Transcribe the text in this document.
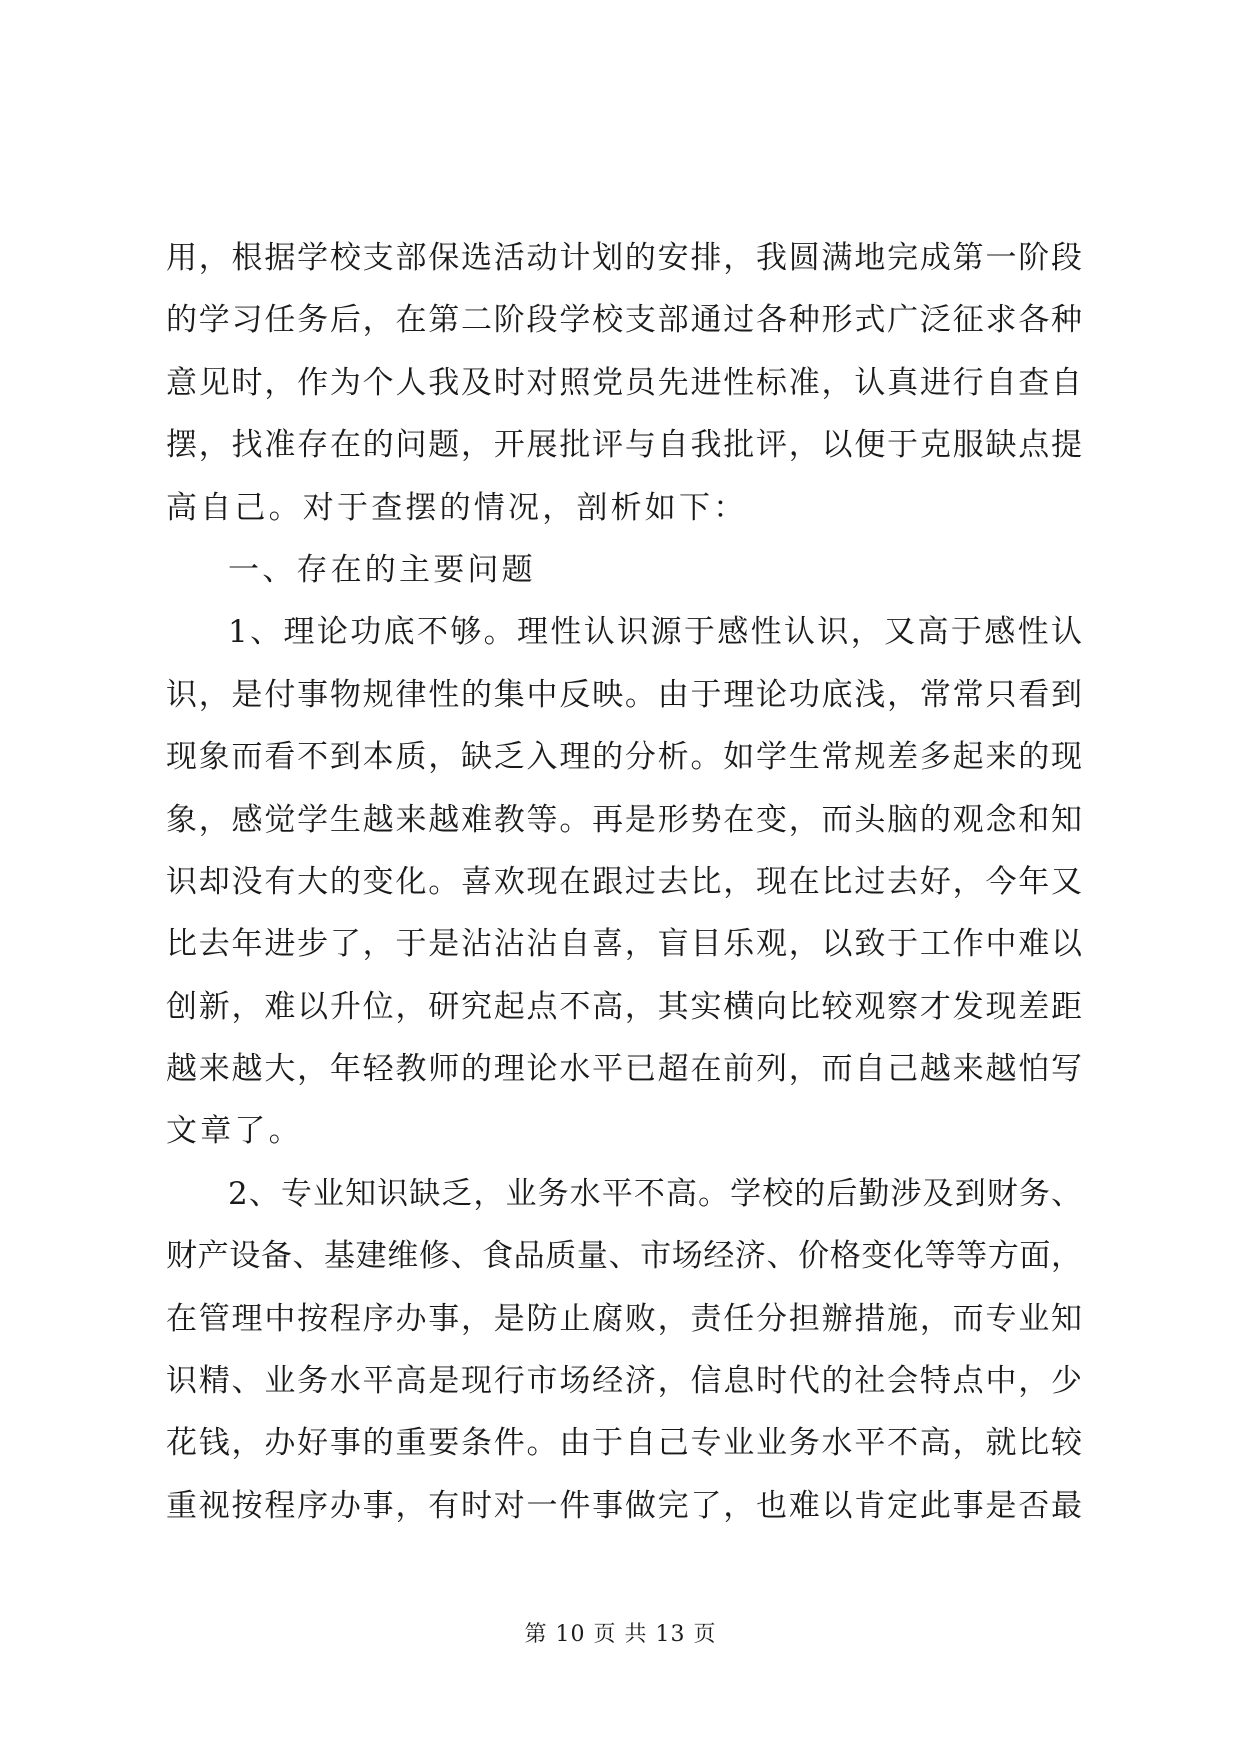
用，根据学校支部保选活动计划的安排，我圆满地完成第一阶段
的学习任务后，在第二阶段学校支部通过各种形式广泛征求各种
意见时，作为个人我及时对照党员先进性标准，认真进行自查自
摆，找准存在的问题，开展批评与自我批评，以便于克服缺点提
高自己。对于查摆的情况，剖析如下：
一、存在的主要问题
1、理论功底不够。理性认识源于感性认识，又高于感性认
识，是付事物规律性的集中反映。由于理论功底浅，常常只看到
现象而看不到本质，缺乏入理的分析。如学生常规差多起来的现
象，感觉学生越来越难教等。再是形势在变，而头脑的观念和知
识却没有大的变化。喜欢现在跟过去比，现在比过去好，今年又
比去年进步了，于是沾沾沾自喜，盲目乐观，以致于工作中难以
创新，难以升位，研究起点不高，其实横向比较观察才发现差距
越来越大，年轻教师的理论水平已超在前列，而自己越来越怕写
文章了。
2、专业知识缺乏，业务水平不高。学校的后勤涉及到财务、
财产设备、基建维修、食品质量、市场经济、价格变化等等方面，
在管理中按程序办事，是防止腐败，责任分担辦措施，而专业知
识精、业务水平高是现行市场经济，信息时代的社会特点中，少
花钱，办好事的重要条件。由于自己专业业务水平不高，就比较
重视按程序办事，有时对一件事做完了，也难以肯定此事是否最
第 10 页 共 13 页
